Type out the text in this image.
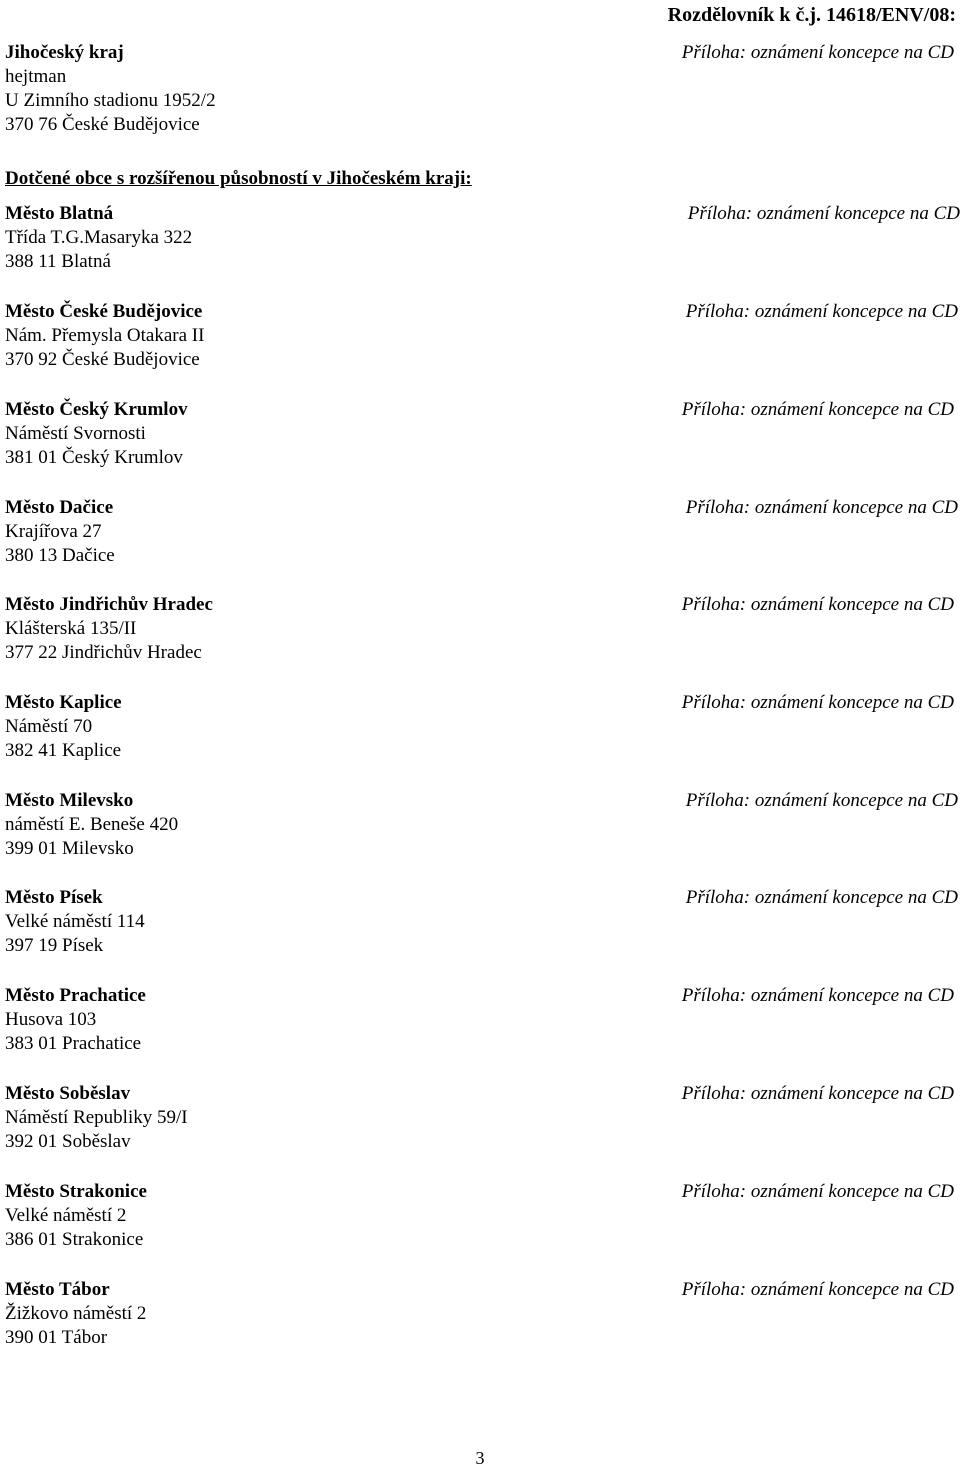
Rozdělovník k č.j. 14618/ENV/08:
Jihočeský kraj
hejtman
U Zimního stadionu 1952/2
370 76 České Budějovice
Příloha: oznámení koncepce na CD
Dotčené obce s rozšířenou působností v Jihočeském kraji:
Město Blatná
Třída T.G.Masaryka 322
388 11 Blatná
Příloha: oznámení koncepce na CD
Město České Budějovice
Nám. Přemysla Otakara II
370 92 České Budějovice
Příloha: oznámení koncepce na CD
Město Český Krumlov
Náměstí Svornosti
381 01 Český Krumlov
Příloha: oznámení koncepce na CD
Město Dačice
Krajířova 27
380 13 Dačice
Příloha: oznámení koncepce na CD
Město Jindřichův Hradec
Klášterská 135/II
377 22 Jindřichův Hradec
Příloha: oznámení koncepce na CD
Město Kaplice
Náměstí 70
382 41 Kaplice
Příloha: oznámení koncepce na CD
Město Milevsko
náměstí E. Beneše 420
399 01 Milevsko
Příloha: oznámení koncepce na CD
Město Písek
Velké náměstí 114
397 19 Písek
Příloha: oznámení koncepce na CD
Město Prachatice
Husova 103
383 01 Prachatice
Příloha: oznámení koncepce na CD
Město Soběslav
Náměstí Republiky 59/I
392 01 Soběslav
Příloha: oznámení koncepce na CD
Město Strakonice
Velké náměstí 2
386 01 Strakonice
Příloha: oznámení koncepce na CD
Město Tábor
Žižkovo náměstí 2
390 01 Tábor
Příloha: oznámení koncepce na CD
3
